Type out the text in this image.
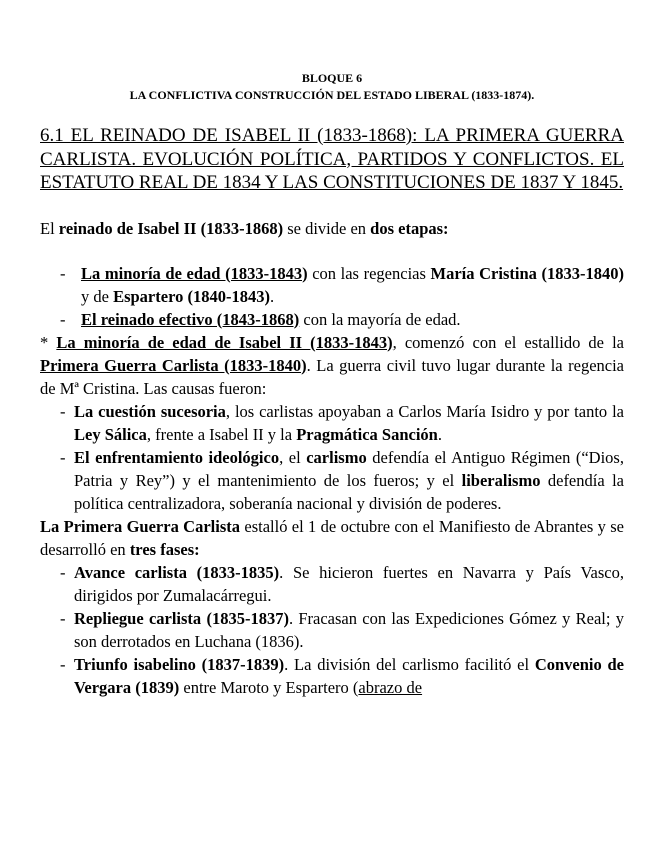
BLOQUE 6
LA CONFLICTIVA CONSTRUCCIÓN DEL ESTADO LIBERAL (1833-1874).
6.1 EL REINADO DE ISABEL II (1833-1868): LA PRIMERA GUERRA CARLISTA. EVOLUCIÓN POLÍTICA, PARTIDOS Y CONFLICTOS. EL ESTATUTO REAL DE 1834 Y LAS CONSTITUCIONES DE 1837 Y 1845.

El reinado de Isabel II (1833-1868) se divide en dos etapas:

- La minoría de edad (1833-1843) con las regencias María Cristina (1833-1840) y de Espartero (1840-1843).
- El reinado efectivo (1843-1868) con la mayoría de edad.

* La minoría de edad de Isabel II (1833-1843), comenzó con el estallido de la Primera Guerra Carlista (1833-1840). La guerra civil tuvo lugar durante la regencia de Mª Cristina. Las causas fueron:

- La cuestión sucesoria, los carlistas apoyaban a Carlos María Isidro y por tanto la Ley Sálica, frente a Isabel II y la Pragmática Sanción.
- El enfrentamiento ideológico, el carlismo defendía el Antiguo Régimen (“Dios, Patria y Rey”) y el mantenimiento de los fueros; y el liberalismo defendía la política centralizadora, soberanía nacional y división de poderes.

La Primera Guerra Carlista estalló el 1 de octubre con el Manifiesto de Abrantes y se desarrolló en tres fases:

- Avance carlista (1833-1835). Se hicieron fuertes en Navarra y País Vasco, dirigidos por Zumalacárregui.
- Repliegue carlista (1835-1837). Fracasan con las Expediciones Gómez y Real; y son derrotados en Luchana (1836).
- Triunfo isabelino (1837-1839). La división del carlismo facilitó el Convenio de Vergara (1839) entre Maroto y Espartero (abrazo de
